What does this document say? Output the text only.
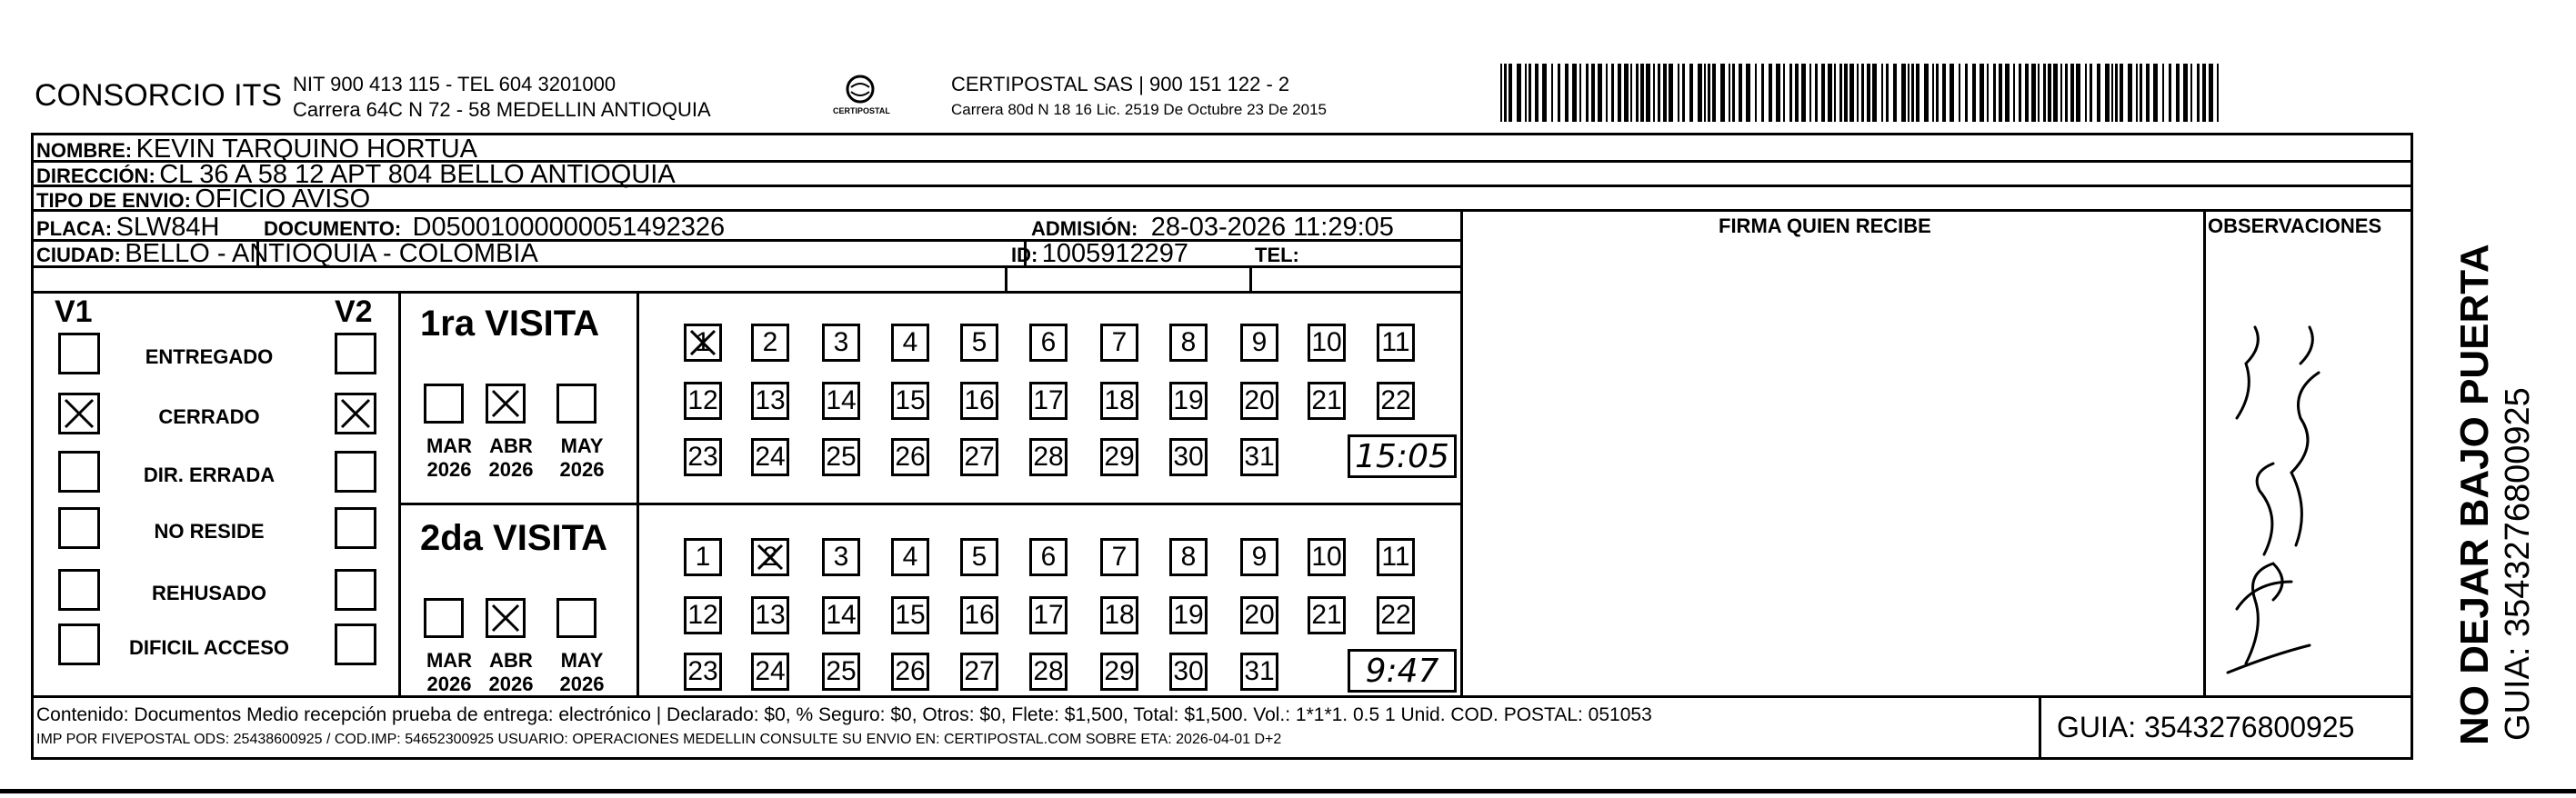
CONSORCIO ITS NIT 900 413 115 - TEL 604 3201000
Carrera 64C N 72 - 58 MEDELLIN ANTIOQUIA	CERTIPOSTAL
CERTIPOSTAL SAS | 900 151 122 - 2
Carrera 80d N 18 16 Lic. 2519 De Octubre 23 De 2015
NOMBRE: KEVIN TARQUINO HORTUA
DIRECCIÓN: CL 36 A 58 12 APT 804 BELLO ANTIOQUIA
TIPO DE ENVIO: OFICIO AVISO
PLACA: SLW84H DOCUMENTO: D05001000000051492326	ADMISIÓN: 28-03-2026 11:29:05
CIUDAD: BELLO - ANTIOQUIA - COLOMBIA	ID: 1005912297	TEL:
FIRMA QUIEN RECIBE	OBSERVACIONES
V1	V2
ENTREGADO
CERRADO
DIR. ERRADA
NO RESIDE
REHUSADO
DIFICIL ACCESO
1ra VISITA
MAR
2026
ABR
2026
MAY
2026
1 2 3 4 5 6 7 8 9 10 11
12 13 14 15 16 17 18 19 20 21 22
23 24 25 26 27 28 29 30 31 15:05
2da VISITA
MAR
2026
ABR
2026
MAY
2026
1 2 3 4 5 6 7 8 9 10 11
12 13 14 15 16 17 18 19 20 21 22
23 24 25 26 27 28 29 30 31	9:47
Contenido: Documentos Medio recepción prueba de entrega: electrónico | Declarado: $0, % Seguro: $0, Otros: $0, Flete: $1,500, Total: $1,500. Vol.: 1*1*1. 0.5 1 Unid. COD. POSTAL: 051053
IMP POR FIVEPOSTAL ODS: 25438600925 / COD.IMP: 54652300925 USUARIO: OPERACIONES MEDELLIN CONSULTE SU ENVIO EN: CERTIPOSTAL.COM SOBRE ETA: 2026-04-01 D+2	GUIA: 3543276800925 NO DEJAR BAJO PUERTA GUIA: 3543276800925
